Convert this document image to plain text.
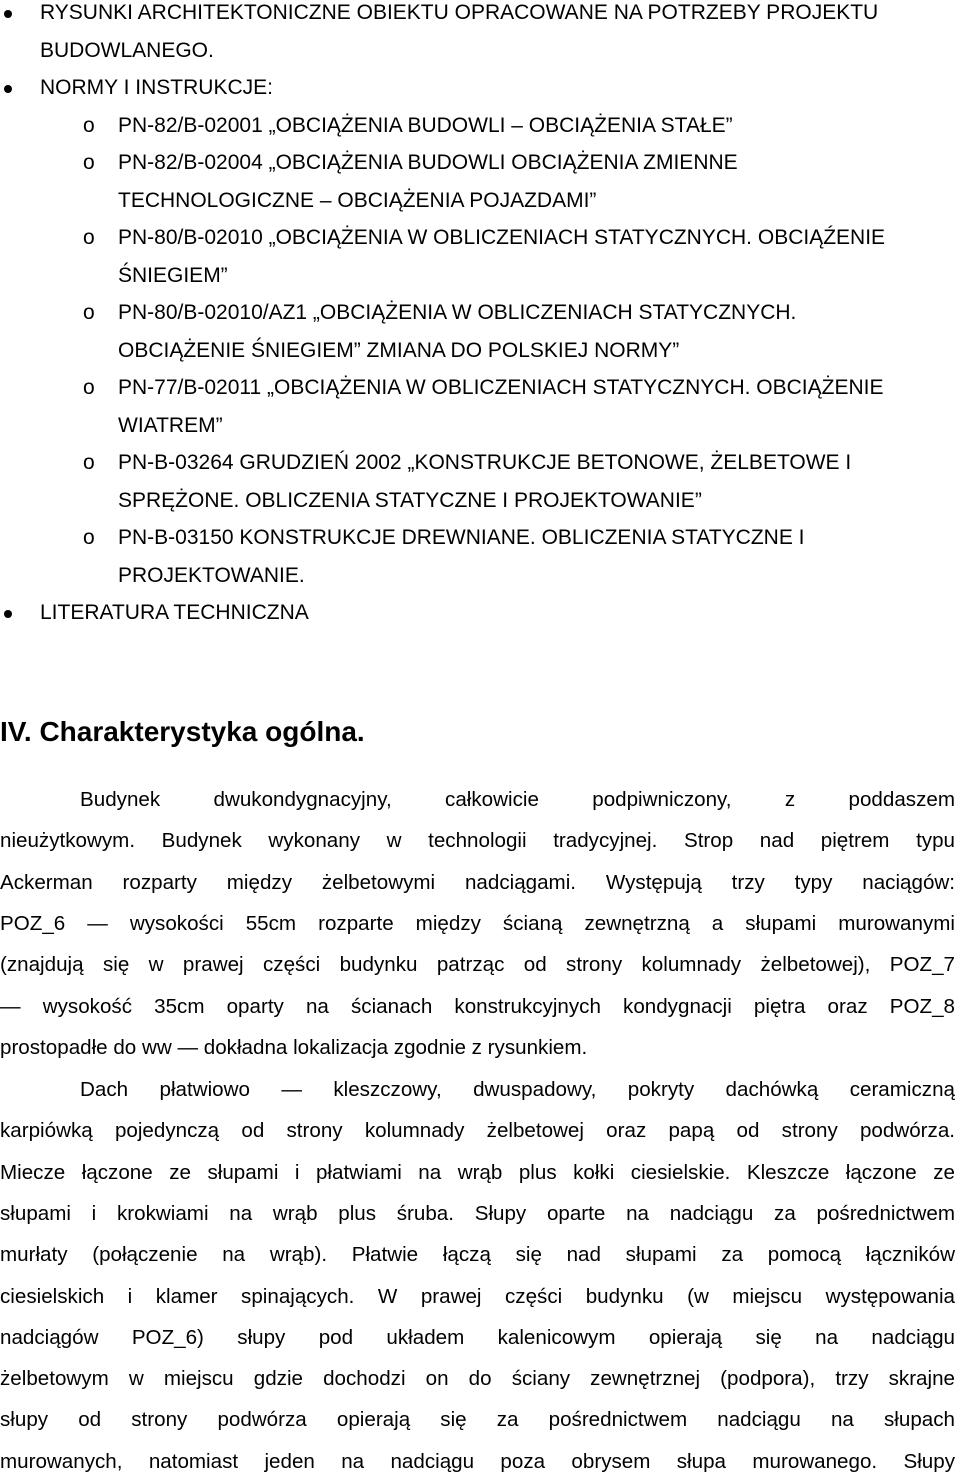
RYSUNKI ARCHITEKTONICZNE OBIEKTU OPRACOWANE NA POTRZEBY PROJEKTU
BUDOWLANEGO.
NORMY I INSTRUKCJE:
o PN-82/B-02001 „OBCIĄŻENIA BUDOWLI – OBCIĄŻENIA STAŁE”
o PN-82/B-02004 „OBCIĄŻENIA BUDOWLI OBCIĄŻENIA ZMIENNE
TECHNOLOGICZNE – OBCIĄŻENIA POJAZDAMI”
o PN-80/B-02010 „OBCIĄŻENIA W OBLICZENIACH STATYCZNYCH. OBCIĄŹENIE
ŚNIEGIEM”
o PN-80/B-02010/AZ1 „OBCIĄŻENIA W OBLICZENIACH STATYCZNYCH.
OBCIĄŻENIE ŚNIEGIEM” ZMIANA DO POLSKIEJ NORMY”
o PN-77/B-02011 „OBCIĄŻENIA W OBLICZENIACH STATYCZNYCH. OBCIĄŻENIE
WIATREM”
o PN-B-03264 GRUDZIEŃ 2002 „KONSTRUKCJE BETONOWE, ŻELBETOWE I
SPRĘŻONE. OBLICZENIA STATYCZNE I PROJEKTOWANIE”
o PN-B-03150 KONSTRUKCJE DREWNIANE. OBLICZENIA STATYCZNE I
PROJEKTOWANIE.
LITERATURA TECHNICZNA
IV. Charakterystyka ogólna.
Budynek dwukondygnacyjny, całkowicie podpiwniczony, z poddaszem
nieużytkowym. Budynek wykonany w technologii tradycyjnej. Strop nad piętrem typu
Ackerman rozparty między żelbetowymi nadciągami. Występują trzy typy naciągów:
POZ_6 — wysokości 55cm rozparte między ścianą zewnętrzną a słupami murowanymi
(znajdują się w prawej części budynku patrząc od strony kolumnady żelbetowej), POZ_7
— wysokość 35cm oparty na ścianach konstrukcyjnych kondygnacji piętra oraz POZ_8
prostopadłe do ww — dokładna lokalizacja zgodnie z rysunkiem.
Dach płatwiowo — kleszczowy, dwuspadowy, pokryty dachówką ceramiczną
karpiówką pojedynczą od strony kolumnady żelbetowej oraz papą od strony podwórza.
Miecze łączone ze słupami i płatwiami na wrąb plus kołki ciesielskie. Kleszcze łączone ze
słupami i krokwiami na wrąb plus śruba. Słupy oparte na nadciągu za pośrednictwem
murłaty (połączenie na wrąb). Płatwie łączą się nad słupami za pomocą łączników
ciesielskich i klamer spinających. W prawej części budynku (w miejscu występowania
nadciągów POZ_6) słupy pod układem kalenicowym opierają się na nadciągu
żelbetowym w miejscu gdzie dochodzi on do ściany zewnętrznej (podpora), trzy skrajne
słupy od strony podwórza opierają się za pośrednictwem nadciągu na słupach
murowanych, natomiast jeden na nadciągu poza obrysem słupa murowanego. Słupy
